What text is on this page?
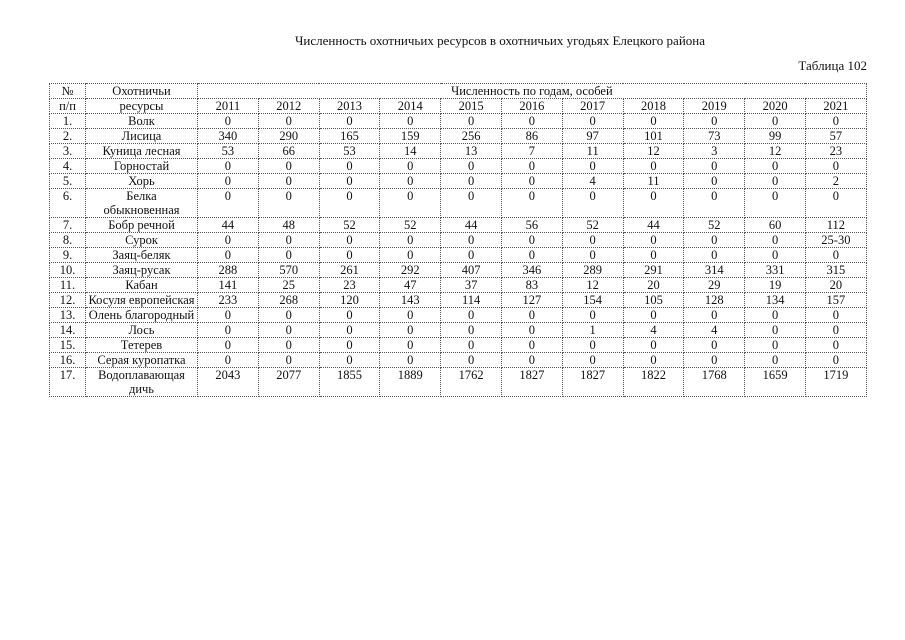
Численность охотничьих ресурсов в охотничьих угодьях Елецкого района
Таблица 102
№	Охотничьи	Численность по годам, особей										
п/п	ресурсы	2011	2012	2013	2014	2015	2016	2017	2018	2019	2020	2021
1.	Волк	0	0	0	0	0	0	0	0	0	0	0
2.	Лисица	340	290	165	159	256	86	97	101	73	99	57
3.	Куница лесная	53	66	53	14	13	7	11	12	3	12	23
4.	Горностай	0	0	0	0	0	0	0	0	0	0	0
5.	Хорь	0	0	0	0	0	0	4	11	0	0	2
6.	Белка обыкновенная	0	0	0	0	0	0	0	0	0	0	0
7.	Бобр речной	44	48	52	52	44	56	52	44	52	60	112
8.	Сурок	0	0	0	0	0	0	0	0	0	0	25-30
9.	Заяц-беляк	0	0	0	0	0	0	0	0	0	0	0
10.	Заяц-русак	288	570	261	292	407	346	289	291	314	331	315
11.	Кабан	141	25	23	47	37	83	12	20	29	19	20
12.	Косуля европейская	233	268	120	143	114	127	154	105	128	134	157
13.	Олень благородный	0	0	0	0	0	0	0	0	0	0	0
14.	Лось	0	0	0	0	0	0	1	4	4	0	0
15.	Тетерев	0	0	0	0	0	0	0	0	0	0	0
16.	Серая куропатка	0	0	0	0	0	0	0	0	0	0	0
17.	Водоплавающая дичь	2043	2077	1855	1889	1762	1827	1827	1822	1768	1659	1719
